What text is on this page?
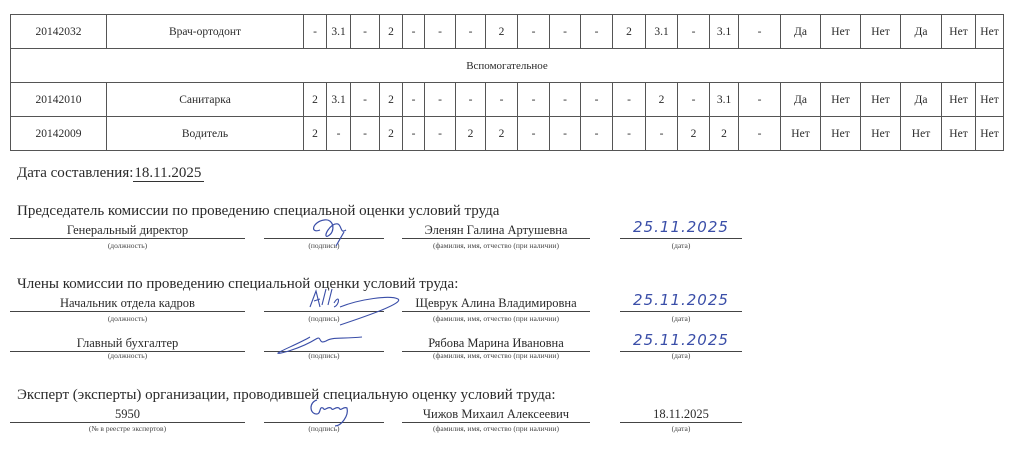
20142032	Врач-ортодонт	-	3.1	-	2	-	-	-	2	-	-	-	2	3.1	-	3.1	-	Да	Нет	Нет	Да	Нет	Нет
Вспомогательное																							
20142010	Санитарка	2	3.1	-	2	-	-	-	-	-	-	-	-	2	-	3.1	-	Да	Нет	Нет	Да	Нет	Нет
20142009	Водитель	2	-	-	2	-	-	2	2	-	-	-	-	-	2	2	-	Нет	Нет	Нет	Нет	Нет	Нет
Дата составления:18.11.2025
Председатель комиссии по проведению специальной оценки условий труда
Генеральный директор
(должность)	(подпись)
Эленян Галина Артушевна
(фамилия, имя, отчество (при наличии)
25.11.2025
(дата)
Члены комиссии по проведению специальной оценки условий труда:
Начальник отдела кадров
(должность)	(подпись)
Щеврук Алина Владимировна
(фамилия, имя, отчество (при наличии)
25.11.2025
(дата)
Главный бухгалтер
(должность)	(подпись)
Рябова Марина Ивановна
(фамилия, имя, отчество (при наличии)
25.11.2025
(дата)
Эксперт (эксперты) организации, проводившей специальную оценку условий труда:
5950
(№ в реестре экспертов)	(подпись)
Чижов Михаил Алексеевич
(фамилия, имя, отчество (при наличии)
18.11.2025
(дата)
